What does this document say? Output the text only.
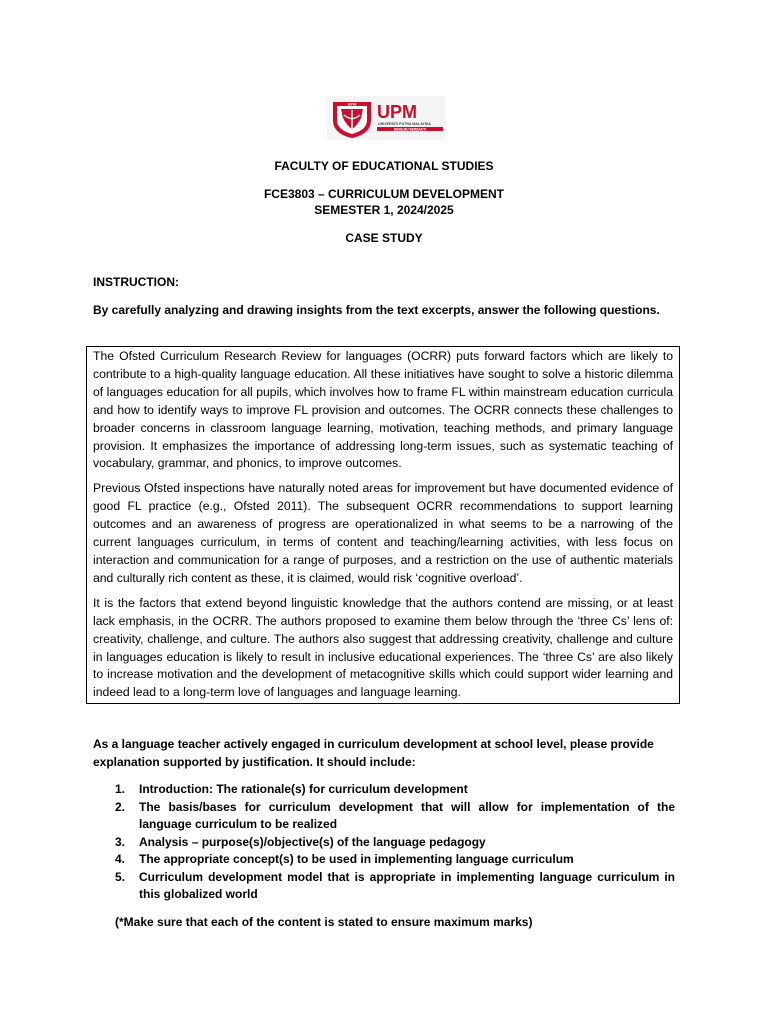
UPM UPM
UNIVERSITI PUTRA MALAYSIA
BERILMU BERBAKTI
FACULTY OF EDUCATIONAL STUDIES
FCE3803 – CURRICULUM DEVELOPMENT
SEMESTER 1, 2024/2025
CASE STUDY
INSTRUCTION:
By carefully analyzing and drawing insights from the text excerpts, answer the following questions.

The Ofsted Curriculum Research Review for languages (OCRR) puts forward factors which are likely to contribute to a high-quality language education. All these initiatives have sought to solve a historic dilemma of languages education for all pupils, which involves how to frame FL within mainstream education curricula and how to identify ways to improve FL provision and outcomes. The OCRR connects these challenges to broader concerns in classroom language learning, motivation, teaching methods, and primary language provision. It emphasizes the importance of addressing long-term issues, such as systematic teaching of vocabulary, grammar, and phonics, to improve outcomes.

Previous Ofsted inspections have naturally noted areas for improvement but have documented evidence of good FL practice (e.g., Ofsted 2011). The subsequent OCRR recommendations to support learning outcomes and an awareness of progress are operationalized in what seems to be a narrowing of the current languages curriculum, in terms of content and teaching/learning activities, with less focus on interaction and communication for a range of purposes, and a restriction on the use of authentic materials and culturally rich content as these, it is claimed, would risk ‘cognitive overload’.

It is the factors that extend beyond linguistic knowledge that the authors contend are missing, or at least lack emphasis, in the OCRR. The authors proposed to examine them below through the ‘three Cs’ lens of: creativity, challenge, and culture. The authors also suggest that addressing creativity, challenge and culture in languages education is likely to result in inclusive educational experiences. The ‘three Cs’ are also likely to increase motivation and the development of metacognitive skills which could support wider learning and indeed lead to a long-term love of languages and language learning.

As a language teacher actively engaged in curriculum development at school level, please provide explanation supported by justification. It should include:
1. Introduction: The rationale(s) for curriculum development
2. The basis/bases for curriculum development that will allow for implementation of the language curriculum to be realized
3. Analysis – purpose(s)/objective(s) of the language pedagogy
4. The appropriate concept(s) to be used in implementing language curriculum
5. Curriculum development model that is appropriate in implementing language curriculum in this globalized world
(*Make sure that each of the content is stated to ensure maximum marks)
